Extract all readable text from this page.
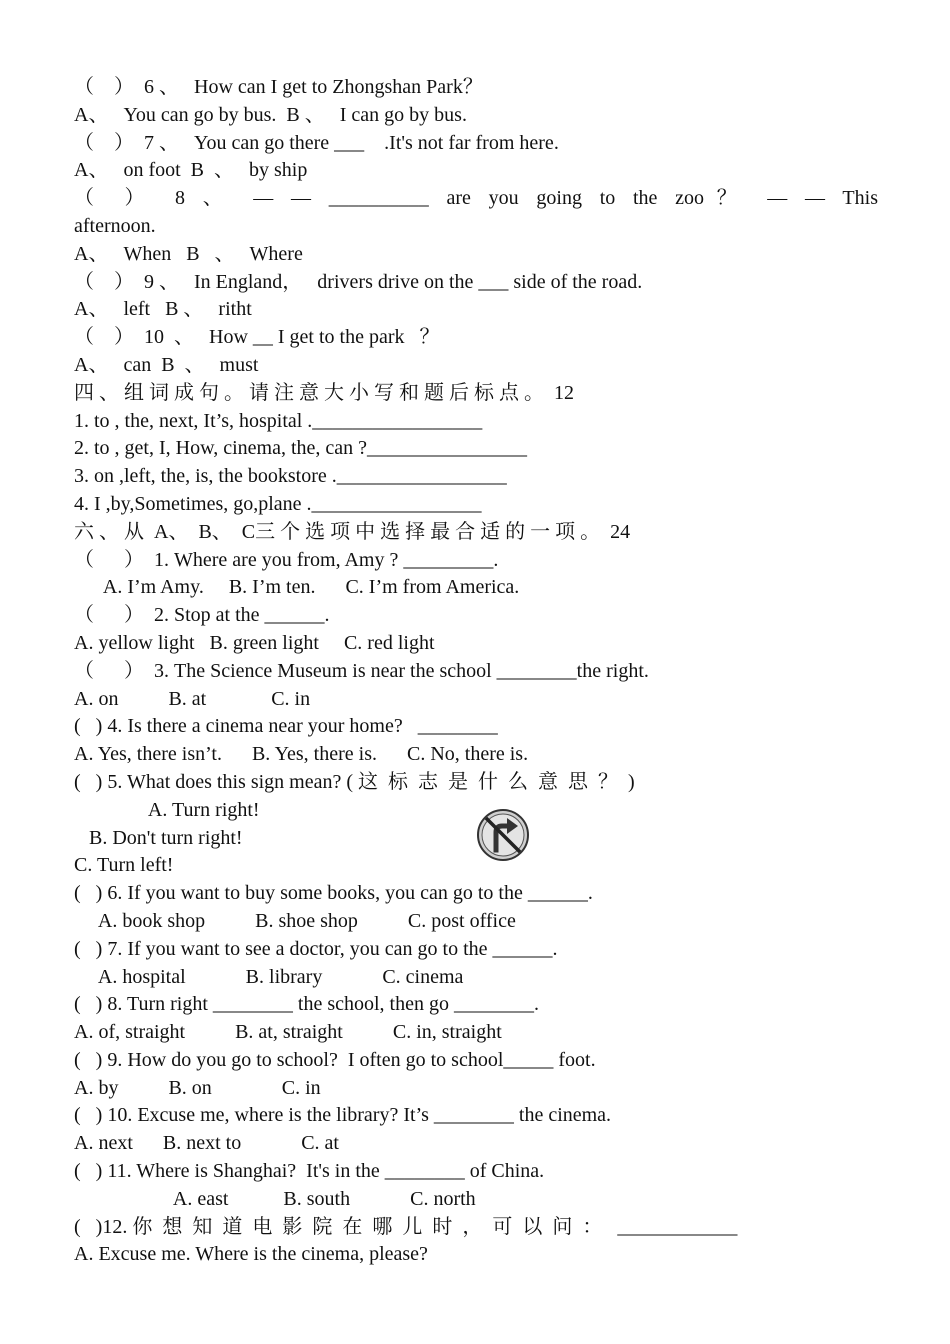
（    ）  6 、   How can I get to Zhongshan Park？
A、   You can go by bus.  B 、   I can go by bus.
（    ）  7 、   You can go there ___    .It's not far from here.
A、   on foot  B  、   by ship
（ ） 8 、 — — __________ are you going to the zoo？ — — This
afternoon.
A、   When   B   、   Where
（    ）  9 、   In England，   drivers drive on the ___ side of the road.
A、   left   B 、   ritht
（    ）  10  、   How __ I get to the park   ？
A、   can  B  、   must
四 、 组 词 成 句 。 请 注 意 大 小 写 和 题 后 标 点 。  12
1. to , the, next, It’s, hospital ._________________
2. to , get, I, How, cinema, the, can ?________________
3. on ,left, the, is, the bookstore ._________________
4. I ,by,Sometimes, go,plane ._________________
六 、 从  A、  B、  C三 个 选 项 中 选 择 最 合 适 的 一 项 。  24
（      ）  1. Where are you from, Amy ? _________.
A. I’m Amy.     B. I’m ten.      C. I’m from America.
（      ）  2. Stop at the ______.
A. yellow light   B. green light     C. red light
（      ）  3. The Science Museum is near the school ________the right.
A. on          B. at             C. in
(   ) 4. Is there a cinema near your home?   ________
A. Yes, there isn’t.      B. Yes, there is.      C. No, there is.
(   ) 5. What does this sign mean? ( 这  标  志  是  什  么  意  思  ？  )
A. Turn right!
B. Don't turn right!
C. Turn left!
(   ) 6. If you want to buy some books, you can go to the ______.
A. book shop          B. shoe shop          C. post office
(   ) 7. If you want to see a doctor, you can go to the ______.
A. hospital            B. library            C. cinema
(   ) 8. Turn right ________ the school, then go ________.
A. of, straight          B. at, straight          C. in, straight
(   ) 9. How do you go to school?  I often go to school_____ foot.
A. by          B. on              C. in
(   ) 10. Excuse me, where is the library? It’s ________ the cinema.
A. next      B. next to            C. at
(   ) 11. Where is Shanghai?  It's in the ________ of China.
A. east           B. south            C. north
(   )12. 你  想  知  道  电  影  院  在  哪  儿  时  ，  可  以  问  ：   ____________
A. Excuse me. Where is the cinema, please?
